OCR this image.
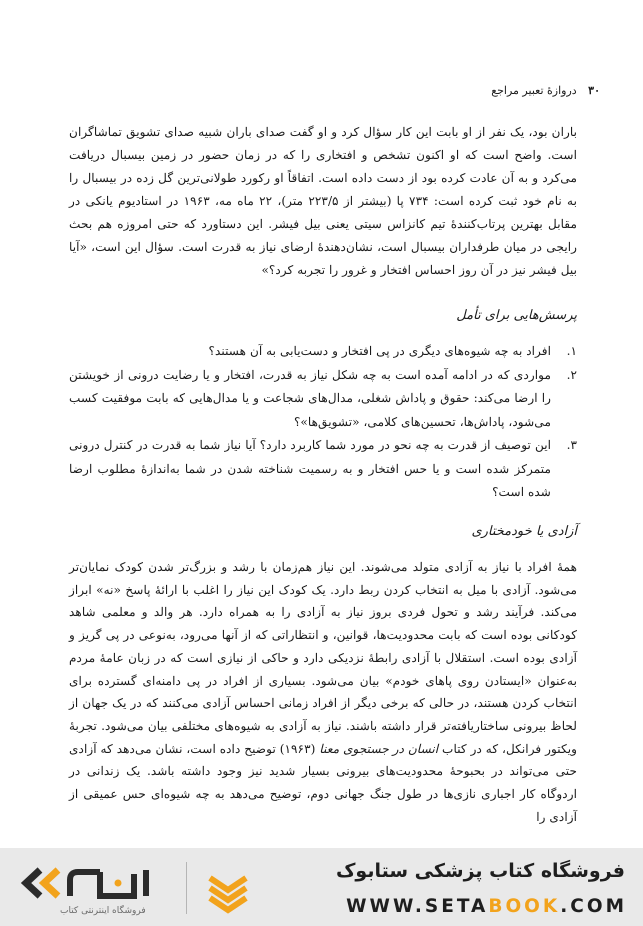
۳۰ دروازهٔ تعبیر مراجع

باران بود، یک نفر از او بابت این کار سؤال کرد و او گفت صدای باران شبیه صدای تشویق تماشاگران است. واضح است که او اکنون تشخص و افتخاری را که در زمان حضور در زمین بیسبال دریافت می‌کرد و به آن عادت کرده بود از دست داده است. اتفاقاً او رکورد طولانی‌ترین گل زده در بیسبال را به نام خود ثبت کرده است: ۷۳۴ پا (بیشتر از ۲۲۳/۵ متر)، ۲۲ ماه مه، ۱۹۶۳ در استادیوم یانکی در مقابل بهترین پرتاب‌کنندهٔ تیم کانزاس سیتی یعنی بیل فیشر. این دستاورد که حتی امروزه هم بحث رایجی در میان طرفداران بیسبال است، نشان‌دهندهٔ ارضای نیاز به قدرت است. سؤال این است، «آیا بیل فیشر نیز در آن روز احساس افتخار و غرور را تجربه کرد؟»

پرسش‌هایی برای تأمل
۱.
افراد به چه شیوه‌های دیگری در پی افتخار و دست‌یابی به آن هستند؟
۲.
مواردی که در ادامه آمده است به چه شکل نیاز به قدرت، افتخار و یا رضایت درونی از خویشتن را ارضا می‌کند: حقوق و پاداش شغلی، مدال‌های شجاعت و یا مدال‌هایی که بابت موفقیت کسب می‌شود، پاداش‌ها، تحسین‌های کلامی، «تشویق‌ها»؟
۳.
این توصیف از قدرت به چه نحو در مورد شما کاربرد دارد؟ آیا نیاز شما به قدرت در کنترل درونی متمرکز شده است و یا حس افتخار و به رسمیت شناخته شدن در شما به‌اندازهٔ مطلوب ارضا شده است؟
آزادی یا خودمختاری

همهٔ افراد با نیاز به آزادی متولد می‌شوند. این نیاز هم‌زمان با رشد و بزرگ‌تر شدن کودک نمایان‌تر می‌شود. آزادی با میل به انتخاب کردن ربط دارد. یک کودک این نیاز را اغلب با ارائهٔ پاسخ «نه» ابراز می‌کند. فرآیند رشد و تحول فردی بروز نیاز به آزادی را به همراه دارد. هر والد و معلمی شاهد کودکانی بوده است که بابت محدودیت‌ها، قوانین، و انتظاراتی که از آنها می‌رود، به‌نوعی در پی گریز و آزادی بوده است. استقلال با آزادی رابطهٔ نزدیکی دارد و حاکی از نیازی است که در زبان عامهٔ مردم به‌عنوان «ایستادن روی پاهای خودم» بیان می‌شود. بسیاری از افراد در پی دامنه‌ای گسترده برای انتخاب کردن هستند، در حالی که برخی دیگر از افراد زمانی احساس آزادی می‌کنند که در یک جهان از لحاظ بیرونی ساختاریافته‌تر قرار داشته باشند. نیاز به آزادی به شیوه‌های مختلفی بیان می‌شود. تجربهٔ ویکتور فرانکل، که در کتاب انسان در جستجوی معنا (۱۹۶۳) توضیح داده است، نشان می‌دهد که آزادی حتی می‌تواند در بحبوحهٔ محدودیت‌های بیرونی بسیار شدید نیز وجود داشته باشد. یک زندانی در اردوگاه کار اجباری نازی‌ها در طول جنگ جهانی دوم، توضیح می‌دهد به چه شیوه‌ای حس عمیقی از آزادی را

فروشگاه اینترنتی کتاب
فروشگاه کتاب پزشکی ستابوک
WWW.SETABOOK.COM
